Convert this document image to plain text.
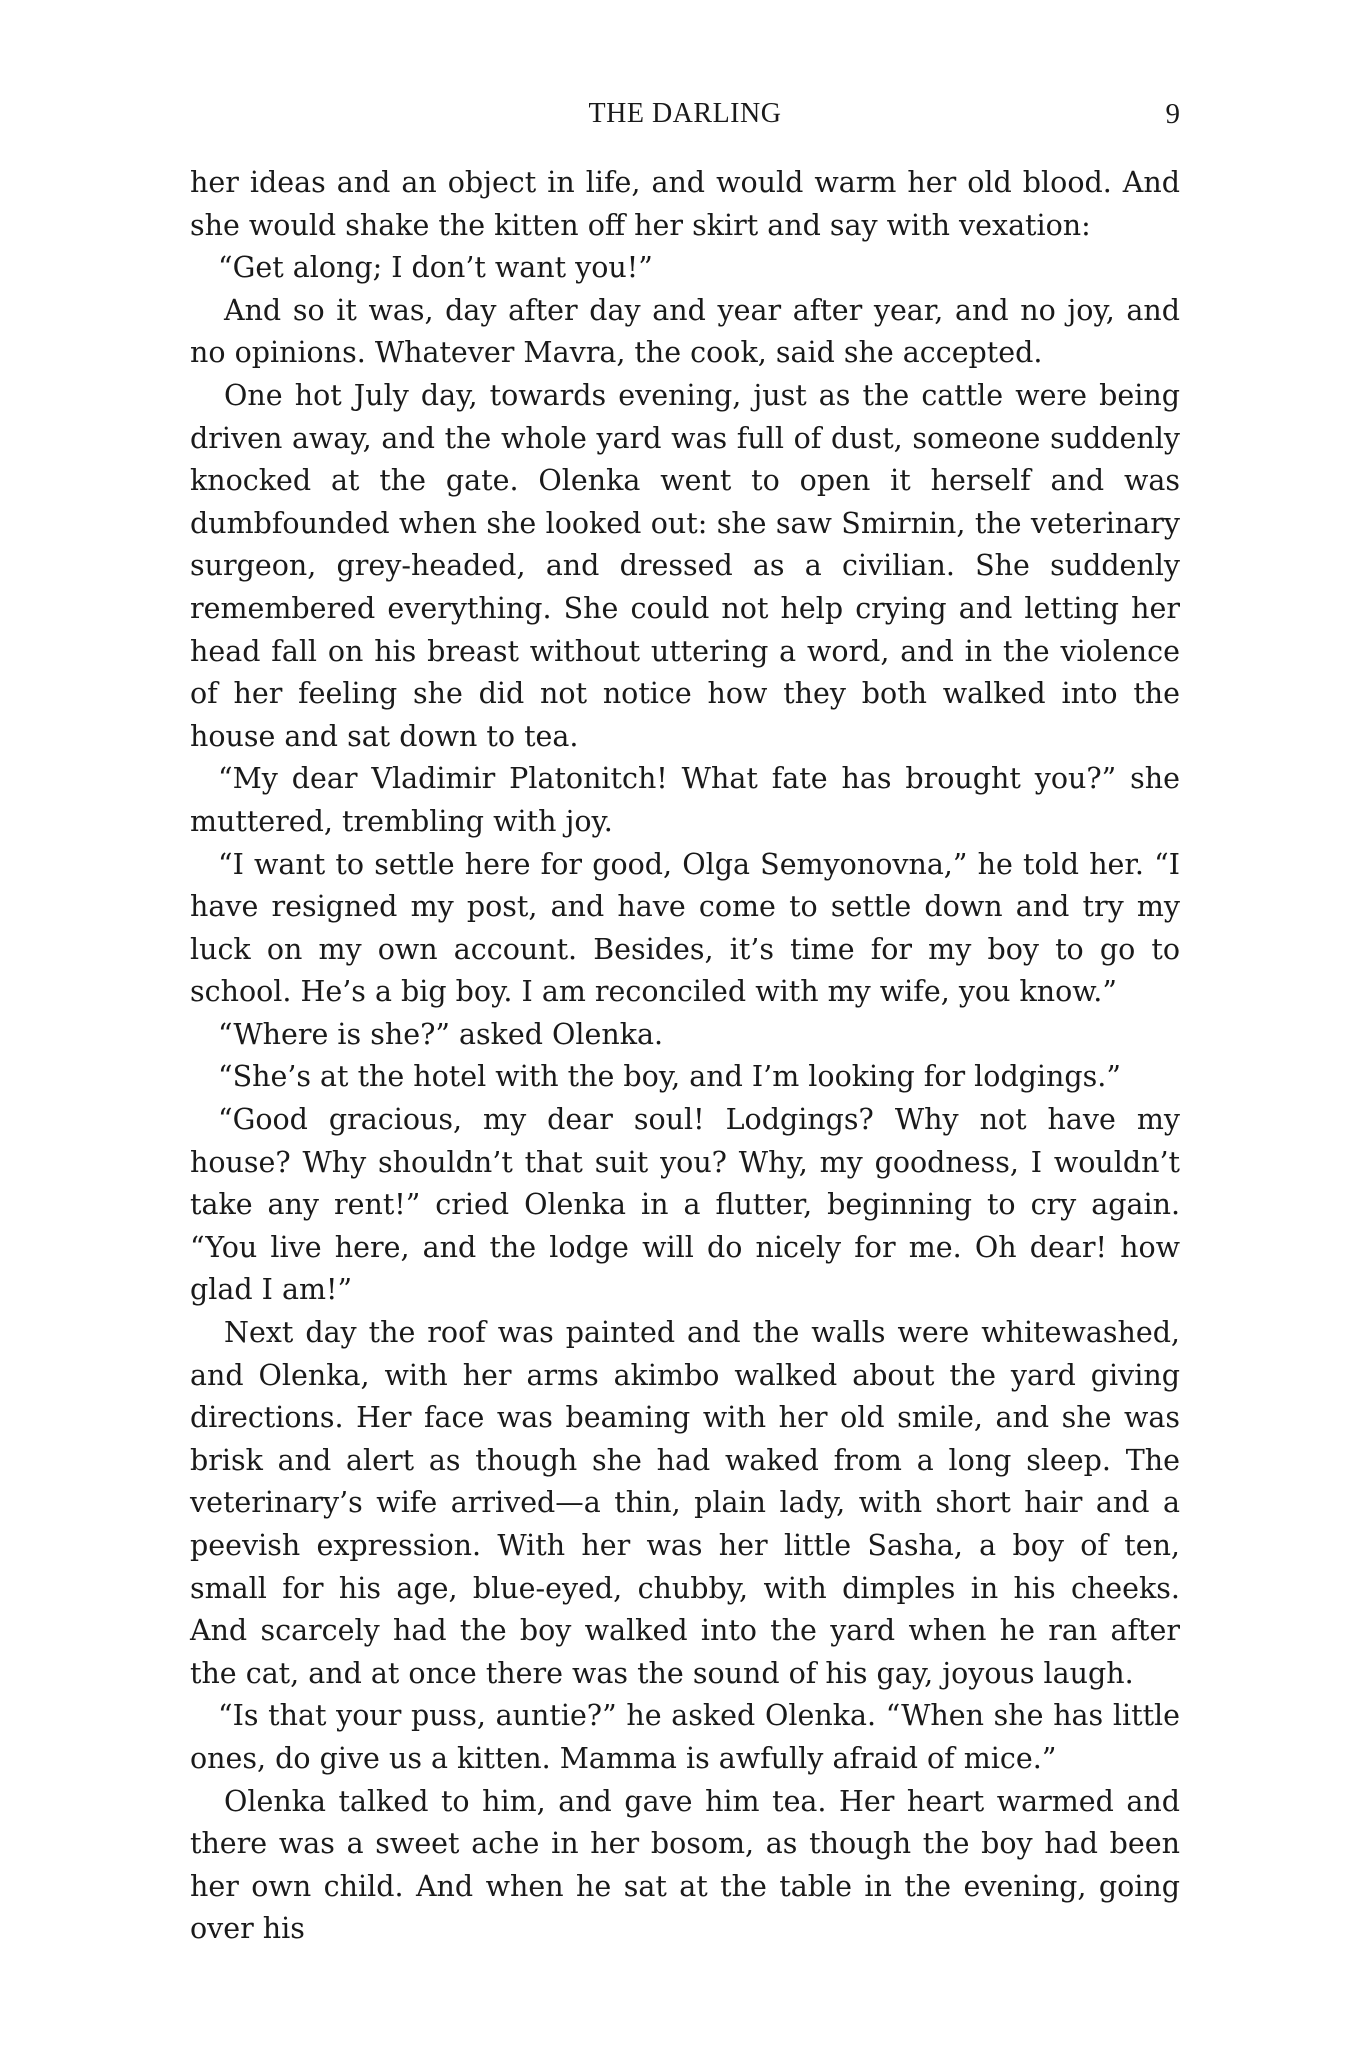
THE DARLING	9

her ideas and an object in life, and would warm her old blood. And she would shake the kitten off her skirt and say with vexation:

“Get along; I don’t want you!”

And so it was, day after day and year after year, and no joy, and no opinions. Whatever Mavra, the cook, said she accepted.

One hot July day, towards evening, just as the cattle were being driven away, and the whole yard was full of dust, someone suddenly knocked at the gate. Olenka went to open it herself and was dumbfounded when she looked out: she saw Smirnin, the veterinary surgeon, grey-headed, and dressed as a civilian. She suddenly remembered everything. She could not help crying and letting her head fall on his breast without uttering a word, and in the violence of her feeling she did not notice how they both walked into the house and sat down to tea.

“My dear Vladimir Platonitch! What fate has brought you?” she muttered, trembling with joy.

“I want to settle here for good, Olga Semyonovna,” he told her. “I have resigned my post, and have come to settle down and try my luck on my own account. Besides, it’s time for my boy to go to school. He’s a big boy. I am reconciled with my wife, you know.”

“Where is she?” asked Olenka.

“She’s at the hotel with the boy, and I’m looking for lodgings.”

“Good gracious, my dear soul! Lodgings? Why not have my house? Why shouldn’t that suit you? Why, my goodness, I wouldn’t take any rent!” cried Olenka in a flutter, beginning to cry again. “You live here, and the lodge will do nicely for me. Oh dear! how glad I am!”

Next day the roof was painted and the walls were whitewashed, and Olenka, with her arms akimbo walked about the yard giving directions. Her face was beaming with her old smile, and she was brisk and alert as though she had waked from a long sleep. The veterinary’s wife arrived—a thin, plain lady, with short hair and a peevish expression. With her was her little Sasha, a boy of ten, small for his age, blue-eyed, chubby, with dimples in his cheeks. And scarcely had the boy walked into the yard when he ran after the cat, and at once there was the sound of his gay, joyous laugh.

“Is that your puss, auntie?” he asked Olenka. “When she has little ones, do give us a kitten. Mamma is awfully afraid of mice.”

Olenka talked to him, and gave him tea. Her heart warmed and there was a sweet ache in her bosom, as though the boy had been her own child. And when he sat at the table in the evening, going over his
